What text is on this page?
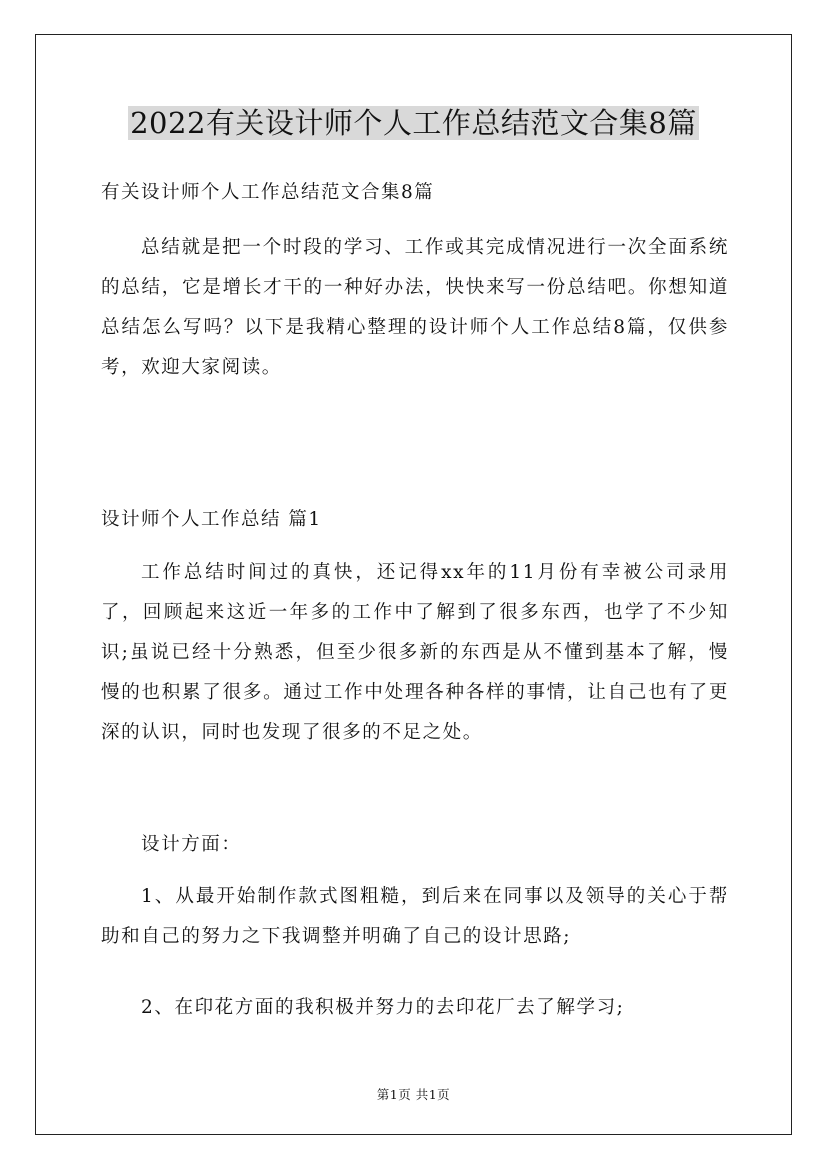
2022有关设计师个人工作总结范文合集8篇

有关设计师个人工作总结范文合集8篇

总结就是把一个时段的学习、工作或其完成情况进行一次全面系统的总结，它是增长才干的一种好办法，快快来写一份总结吧。你想知道总结怎么写吗？以下是我精心整理的设计师个人工作总结8篇，仅供参考，欢迎大家阅读。

设计师个人工作总结 篇1

工作总结时间过的真快，还记得xx年的11月份有幸被公司录用了，回顾起来这近一年多的工作中了解到了很多东西，也学了不少知识;虽说已经十分熟悉，但至少很多新的东西是从不懂到基本了解，慢慢的也积累了很多。通过工作中处理各种各样的事情，让自己也有了更深的认识，同时也发现了很多的不足之处。

设计方面：

1、从最开始制作款式图粗糙，到后来在同事以及领导的关心于帮助和自己的努力之下我调整并明确了自己的设计思路;

2、在印花方面的我积极并努力的去印花厂去了解学习;

第1页 共1页
